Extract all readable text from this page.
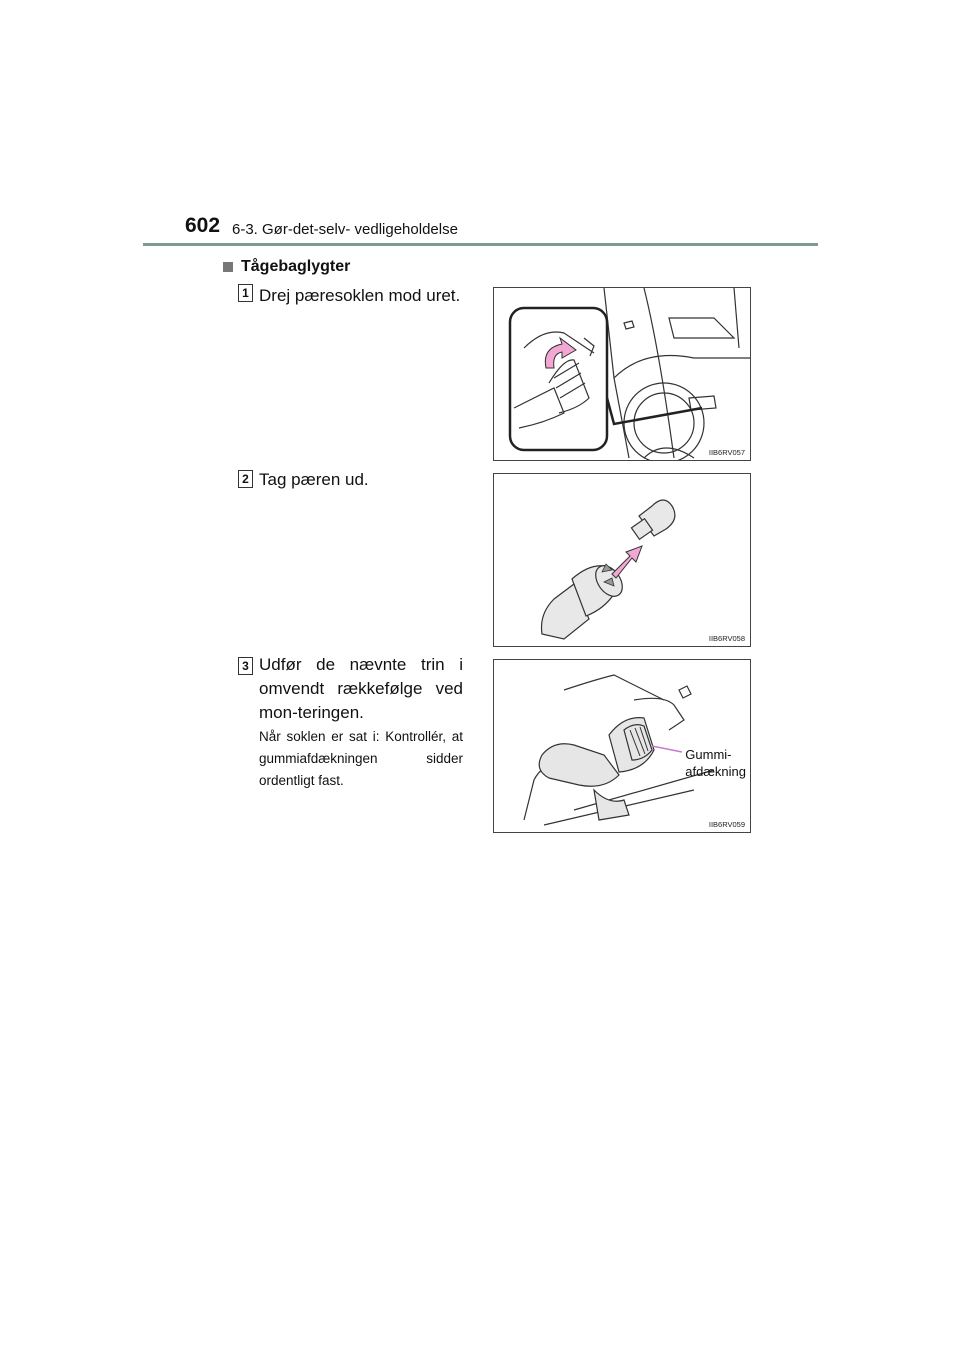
602 6-3. Gør-det-selv- vedligeholdelse
Tågebaglygter
1 Drej pæresoklen mod uret.
IIB6RV057
2 Tag pæren ud.
IIB6RV058
3 Udfør de nævnte trin i omvendt rækkefølge ved mon-teringen.
Når soklen er sat i: Kontrollér, at gummiafdækningen sidder ordentligt fast.
Gummi-
afdækning
IIB6RV059
